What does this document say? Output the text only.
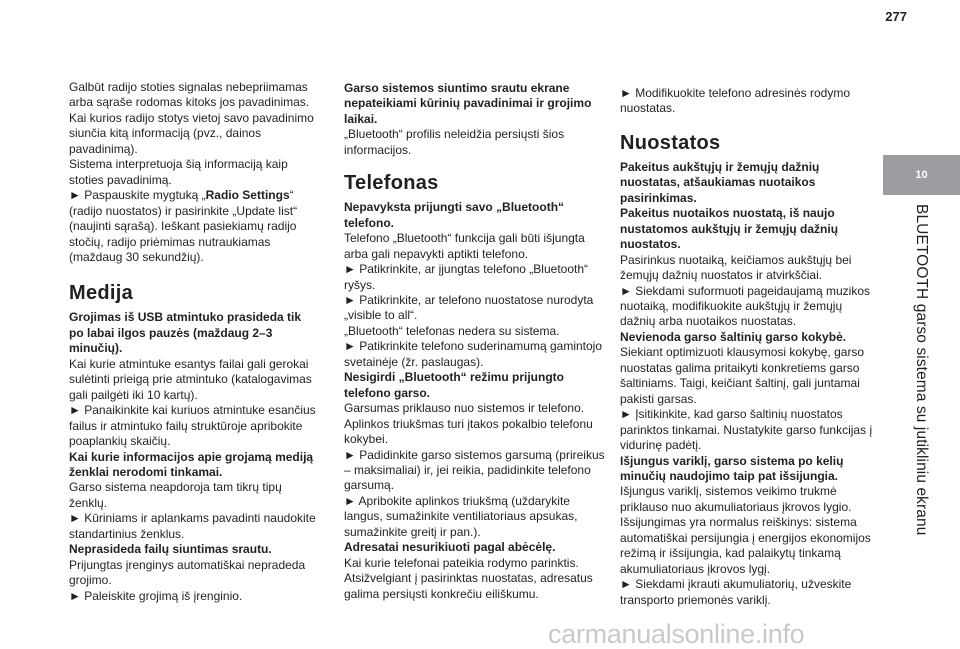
277
10
BLUETOOTH garso sistema su jutikliniu ekranu

Galbūt radijo stoties signalas nebepriimamas arba sąraše rodomas kitoks jos pavadinimas. Kai kurios radijo stotys vietoj savo pavadinimo siunčia kitą informaciją (pvz., dainos pavadinimą).

Sistema interpretuoja šią informaciją kaip stoties pavadinimą.

► Paspauskite mygtuką „Radio Settings“ (radijo nuostatos) ir pasirinkite „Update list“ (naujinti sąrašą). Ieškant pasiekiamų radijo stočių, radijo priėmimas nutraukiamas (maždaug 30 sekundžių).

Medija

Grojimas iš USB atmintuko prasideda tik po labai ilgos pauzės (maždaug 2–3 minučių).

Kai kurie atmintuke esantys failai gali gerokai sulėtinti prieigą prie atmintuko (katalogavimas gali pailgėti iki 10 kartų).

► Panaikinkite kai kuriuos atmintuke esančius failus ir atmintuko failų struktūroje apribokite poaplankių skaičių.

Kai kurie informacijos apie grojamą mediją ženklai nerodomi tinkamai.

Garso sistema neapdoroja tam tikrų tipų ženklų.

► Kūriniams ir aplankams pavadinti naudokite standartinius ženklus.

Neprasideda failų siuntimas srautu.

Prijungtas įrenginys automatiškai nepradeda grojimo.

► Paleiskite grojimą iš įrenginio.

Garso sistemos siuntimo srautu ekrane nepateikiami kūrinių pavadinimai ir grojimo laikai.

„Bluetooth“ profilis neleidžia persiųsti šios informacijos.

Telefonas

Nepavyksta prijungti savo „Bluetooth“ telefono.

Telefono „Bluetooth“ funkcija gali būti išjungta arba gali nepavykti aptikti telefono.

► Patikrinkite, ar įjungtas telefono „Bluetooth“ ryšys.

► Patikrinkite, ar telefono nuostatose nurodyta „visible to all“.

„Bluetooth“ telefonas nedera su sistema.

► Patikrinkite telefono suderinamumą gamintojo svetainėje (žr. paslaugas).

Nesigirdi „Bluetooth“ režimu prijungto telefono garso.

Garsumas priklauso nuo sistemos ir telefono. Aplinkos triukšmas turi įtakos pokalbio telefonu kokybei.

► Padidinkite garso sistemos garsumą (prireikus – maksimaliai) ir, jei reikia, padidinkite telefono garsumą.

► Apribokite aplinkos triukšmą (uždarykite langus, sumažinkite ventiliatoriaus apsukas, sumažinkite greitį ir pan.).

Adresatai nesurikiuoti pagal abėcėlę.

Kai kurie telefonai pateikia rodymo parinktis. Atsižvelgiant į pasirinktas nuostatas, adresatus galima persiųsti konkrečiu eiliškumu.

► Modifikuokite telefono adresinės rodymo nuostatas.

Nuostatos

Pakeitus aukštųjų ir žemųjų dažnių nuostatas, atšaukiamas nuotaikos pasirinkimas.

Pakeitus nuotaikos nuostatą, iš naujo nustatomos aukštųjų ir žemųjų dažnių nuostatos.

Pasirinkus nuotaiką, keičiamos aukštųjų bei žemųjų dažnių nuostatos ir atvirkščiai.

► Siekdami suformuoti pageidaujamą muzikos nuotaiką, modifikuokite aukštųjų ir žemųjų dažnių arba nuotaikos nuostatas.

Nevienoda garso šaltinių garso kokybė.

Siekiant optimizuoti klausymosi kokybę, garso nuostatas galima pritaikyti konkretiems garso šaltiniams. Taigi, keičiant šaltinį, gali juntamai pakisti garsas.

► Įsitikinkite, kad garso šaltinių nuostatos parinktos tinkamai. Nustatykite garso funkcijas į vidurinę padėtį.

Išjungus variklį, garso sistema po kelių minučių naudojimo taip pat išsijungia.

Išjungus variklį, sistemos veikimo trukmė priklauso nuo akumuliatoriaus įkrovos lygio.

Išsijungimas yra normalus reiškinys: sistema automatiškai persijungia į energijos ekonomijos režimą ir išsijungia, kad palaikytų tinkamą akumuliatoriaus įkrovos lygį.

► Siekdami įkrauti akumuliatorių, užveskite transporto priemonės variklį.

carmanualsonline.info
